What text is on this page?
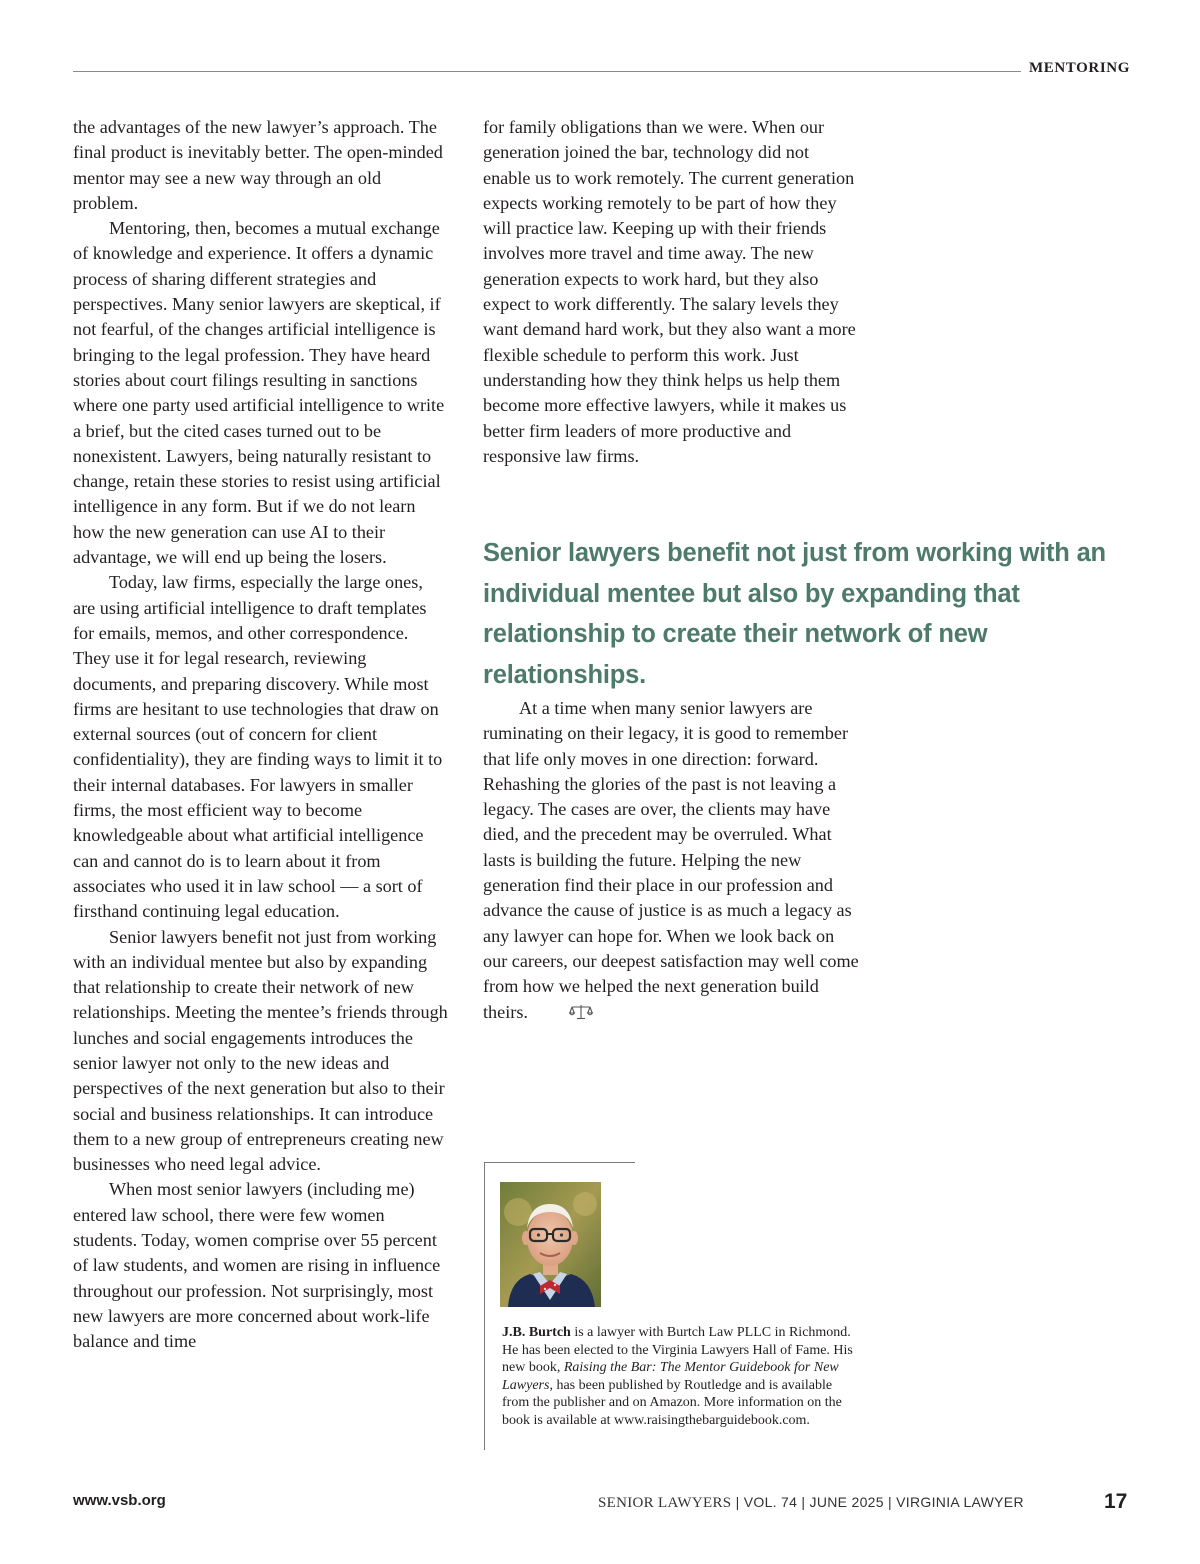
MENTORING

the advantages of the new lawyer’s approach. The final product is inevitably better. The open-minded mentor may see a new way through an old problem.

Mentoring, then, becomes a mutual exchange of knowledge and experience. It offers a dynamic process of sharing different strategies and perspectives. Many senior lawyers are skeptical, if not fearful, of the changes artificial intelligence is bringing to the legal profession. They have heard stories about court filings resulting in sanctions where one party used artificial intelligence to write a brief, but the cited cases turned out to be nonexistent. Lawyers, being naturally resistant to change, retain these stories to resist using artificial intelligence in any form. But if we do not learn how the new generation can use AI to their advantage, we will end up being the losers.

Today, law firms, especially the large ones, are using artificial intelligence to draft templates for emails, memos, and other correspondence. They use it for legal research, reviewing documents, and preparing discovery. While most firms are hesitant to use technologies that draw on external sources (out of concern for client confidentiality), they are finding ways to limit it to their internal databases. For lawyers in smaller firms, the most efficient way to become knowledgeable about what artificial intelligence can and cannot do is to learn about it from associates who used it in law school — a sort of firsthand continuing legal education.

Senior lawyers benefit not just from working with an individual mentee but also by expanding that relationship to create their network of new relationships. Meeting the mentee’s friends through lunches and social engagements introduces the senior lawyer not only to the new ideas and perspectives of the next generation but also to their social and business relationships. It can introduce them to a new group of entrepreneurs creating new businesses who need legal advice.

When most senior lawyers (including me) entered law school, there were few women students. Today, women comprise over 55 percent of law students, and women are rising in influence throughout our profession. Not surprisingly, most new lawyers are more concerned about work-life balance and time

for family obligations than we were. When our generation joined the bar, technology did not enable us to work remotely. The current generation expects working remotely to be part of how they will practice law. Keeping up with their friends involves more travel and time away. The new generation expects to work hard, but they also expect to work differently. The salary levels they want demand hard work, but they also want a more flexible schedule to perform this work. Just understanding how they think helps us help them become more effective lawyers, while it makes us better firm leaders of more productive and responsive law firms.

Senior lawyers benefit not just from working with an individual mentee but also by expanding that relationship to create their network of new relationships.

At a time when many senior lawyers are ruminating on their legacy, it is good to remember that life only moves in one direction: forward. Rehashing the glories of the past is not leaving a legacy. The cases are over, the clients may have died, and the precedent may be overruled. What lasts is building the future. Helping the new generation find their place in our profession and advance the cause of justice is as much a legacy as any lawyer can hope for. When we look back on our careers, our deepest satisfaction may well come from how we helped the next generation build theirs.

J.B. Burtch is a lawyer with Burtch Law PLLC in Richmond. He has been elected to the Virginia Lawyers Hall of Fame. His new book, Raising the Bar: The Mentor Guidebook for New Lawyers, has been published by Routledge and is available from the publisher and on Amazon. More information on the book is available at www.raisingthebarguidebook.com.
www.vsb.org	SENIOR LAWYERS | VOL. 74 | JUNE 2025 | VIRGINIA LAWYER	17
